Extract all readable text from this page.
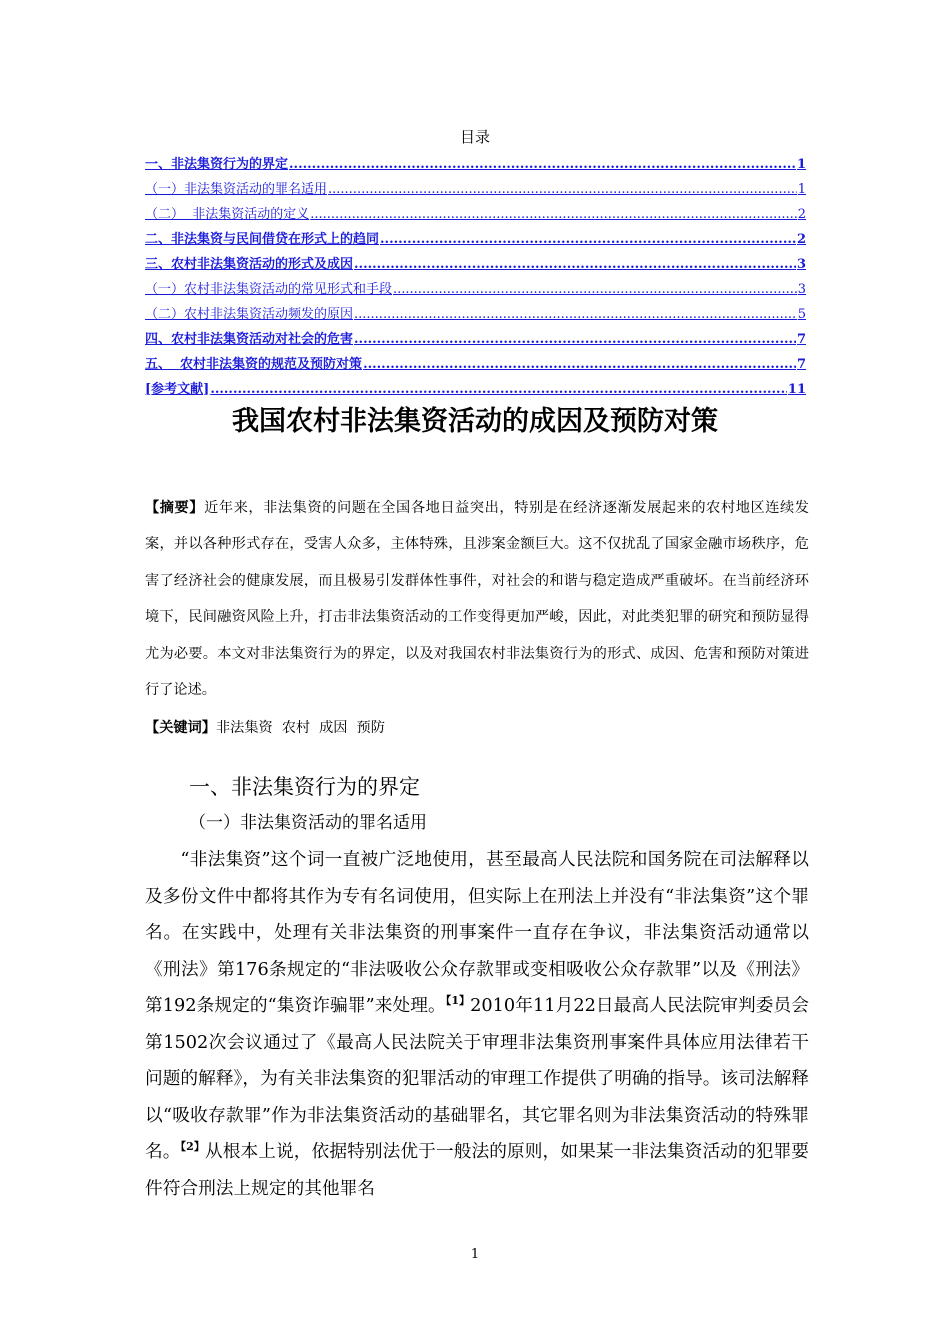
目录
一、非法集资行为的界定 .....	1
（一）非法集资活动的罪名适用 .....	1
（二）  非法集资活动的定义 .....	2
二、非法集资与民间借贷在形式上的趋同 .....	2
三、农村非法集资活动的形式及成因 .....	3
（一）农村非法集资活动的常见形式和手段 .....	3
（二）农村非法集资活动频发的原因 .....	5
四、农村非法集资活动对社会的危害 .....	7
五、  农村非法集资的规范及预防对策 .....	7
[参考文献] .....	11
我国农村非法集资活动的成因及预防对策
【摘要】近年来，非法集资的问题在全国各地日益突出，特别是在经济逐渐发展起来的农村地区连续发案，并以各种形式存在，受害人众多，主体特殊，且涉案金额巨大。这不仅扰乱了国家金融市场秩序，危害了经济社会的健康发展，而且极易引发群体性事件，对社会的和谐与稳定造成严重破坏。在当前经济环境下，民间融资风险上升，打击非法集资活动的工作变得更加严峻，因此，对此类犯罪的研究和预防显得尤为必要。本文对非法集资行为的界定，以及对我国农村非法集资行为的形式、成因、危害和预防对策进行了论述。
【关键词】非法集资  农村  成因  预防
一、非法集资行为的界定
（一）非法集资活动的罪名适用
“非法集资”这个词一直被广泛地使用，甚至最高人民法院和国务院在司法解释以及多份文件中都将其作为专有名词使用，但实际上在刑法上并没有“非法集资”这个罪名。在实践中，处理有关非法集资的刑事案件一直存在争议，非法集资活动通常以《刑法》第176条规定的“非法吸收公众存款罪或变相吸收公众存款罪”以及《刑法》第192条规定的“集资诈骗罪”来处理。$^{【1】}$2010年11月22日最高人民法院审判委员会第1502次会议通过了《最高人民法院关于审理非法集资刑事案件具体应用法律若干问题的解释》，为有关非法集资的犯罪活动的审理工作提供了明确的指导。该司法解释以“吸收存款罪”作为非法集资活动的基础罪名，其它罪名则为非法集资活动的特殊罪名。$^{【2】}$从根本上说，依据特别法优于一般法的原则，如果某一非法集资活动的犯罪要件符合刑法上规定的其他罪名
1
